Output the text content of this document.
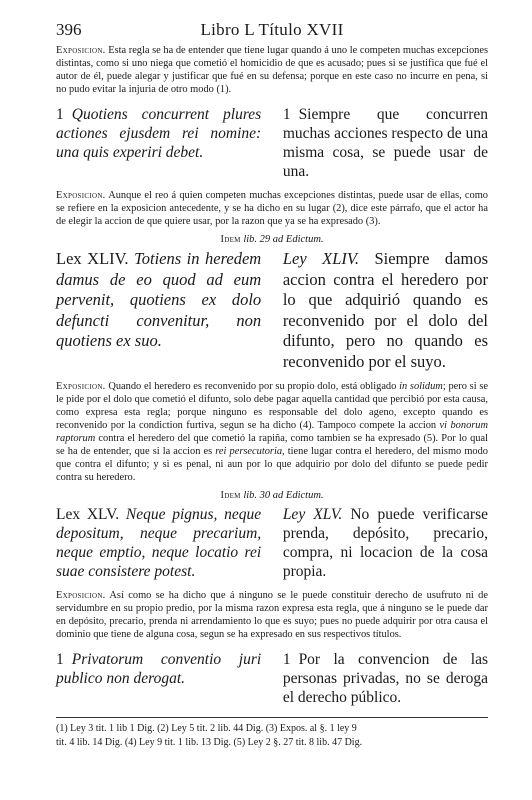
396	Libro L Título XVII

Exposicion. Esta regla se ha de entender que tiene lugar quando á uno le competen muchas excepciones distintas, como si uno niega que cometió el homicidio de que es acusado; pues si se justifica que fué el autor de él, puede alegar y justificar que fué en su defensa; porque en este caso no incurre en pena, si no pudo evitar la injuria de otro modo (1).

1 Quotiens concurrent plures actiones ejusdem rei nomine: una quis experiri debet.
1 Siempre que concurren muchas acciones respecto de una misma cosa, se puede usar de una.

Exposicion. Aunque el reo á quien competen muchas excepciones distintas, puede usar de ellas, como se refiere en la exposicion antecedente, y se ha dicho en su lugar (2), dice este párrafo, que el actor ha de elegir la accion de que quiere usar, por la razon que ya se ha expresado (3).

Idem lib. 29 ad Edictum.
Lex XLIV. Totiens in heredem damus de eo quod ad eum pervenit, quotiens ex dolo defuncti convenitur, non quotiens ex suo.
Ley XLIV. Siempre damos accion contra el heredero por lo que adquirió quando es reconvenido por el dolo del difunto, pero no quando es reconvenido por el suyo.

Exposicion. Quando el heredero es reconvenido por su propio dolo, está obligado in solidum; pero si se le pide por el dolo que cometió el difunto, solo debe pagar aquella cantidad que percibió por esta causa, como expresa esta regla; porque ninguno es responsable del dolo ageno, excepto quando es reconvenido por la condiction furtiva, segun se ha dicho (4). Tampoco compete la accion vi bonorum raptorum contra el heredero del que cometió la rapiña, como tambien se ha expresado (5). Por lo qual se ha de entender, que si la accion es rei persecutoria, tiene lugar contra el heredero, del mismo modo que contra el difunto; y si es penal, ni aun por lo que adquirio por dolo del difunto se puede pedir contra su heredero.

Idem lib. 30 ad Edictum.
Lex XLV. Neque pignus, neque depositum, neque precarium, neque emptio, neque locatio rei suae consistere potest.
Ley XLV. No puede verificarse prenda, depósito, precario, compra, ni locacion de la cosa propia.

Exposicion. Así como se ha dicho que á ninguno se le puede constituir derecho de usufruto ni de servidumbre en su propio predio, por la misma razon expresa esta regla, que á ninguno se le puede dar en depósito, precario, prenda ni arrendamiento lo que es suyo; pues no puede adquirir por otra causa el dominio que tiene de alguna cosa, segun se ha expresado en sus respectivos títulos.

1 Privatorum conventio juri publico non derogat.
1 Por la convencion de las personas privadas, no se deroga el derecho público.
(1) Ley 3 tit. 1 lib 1 Dig. (2) Ley 5 tit. 2 lib. 44 Dig. (3) Expos. al §. 1 ley 9
tit. 4 lib. 14 Dig. (4) Ley 9 tit. 1 lib. 13 Dig. (5) Ley 2 §. 27 tit. 8 lib. 47 Dig.
